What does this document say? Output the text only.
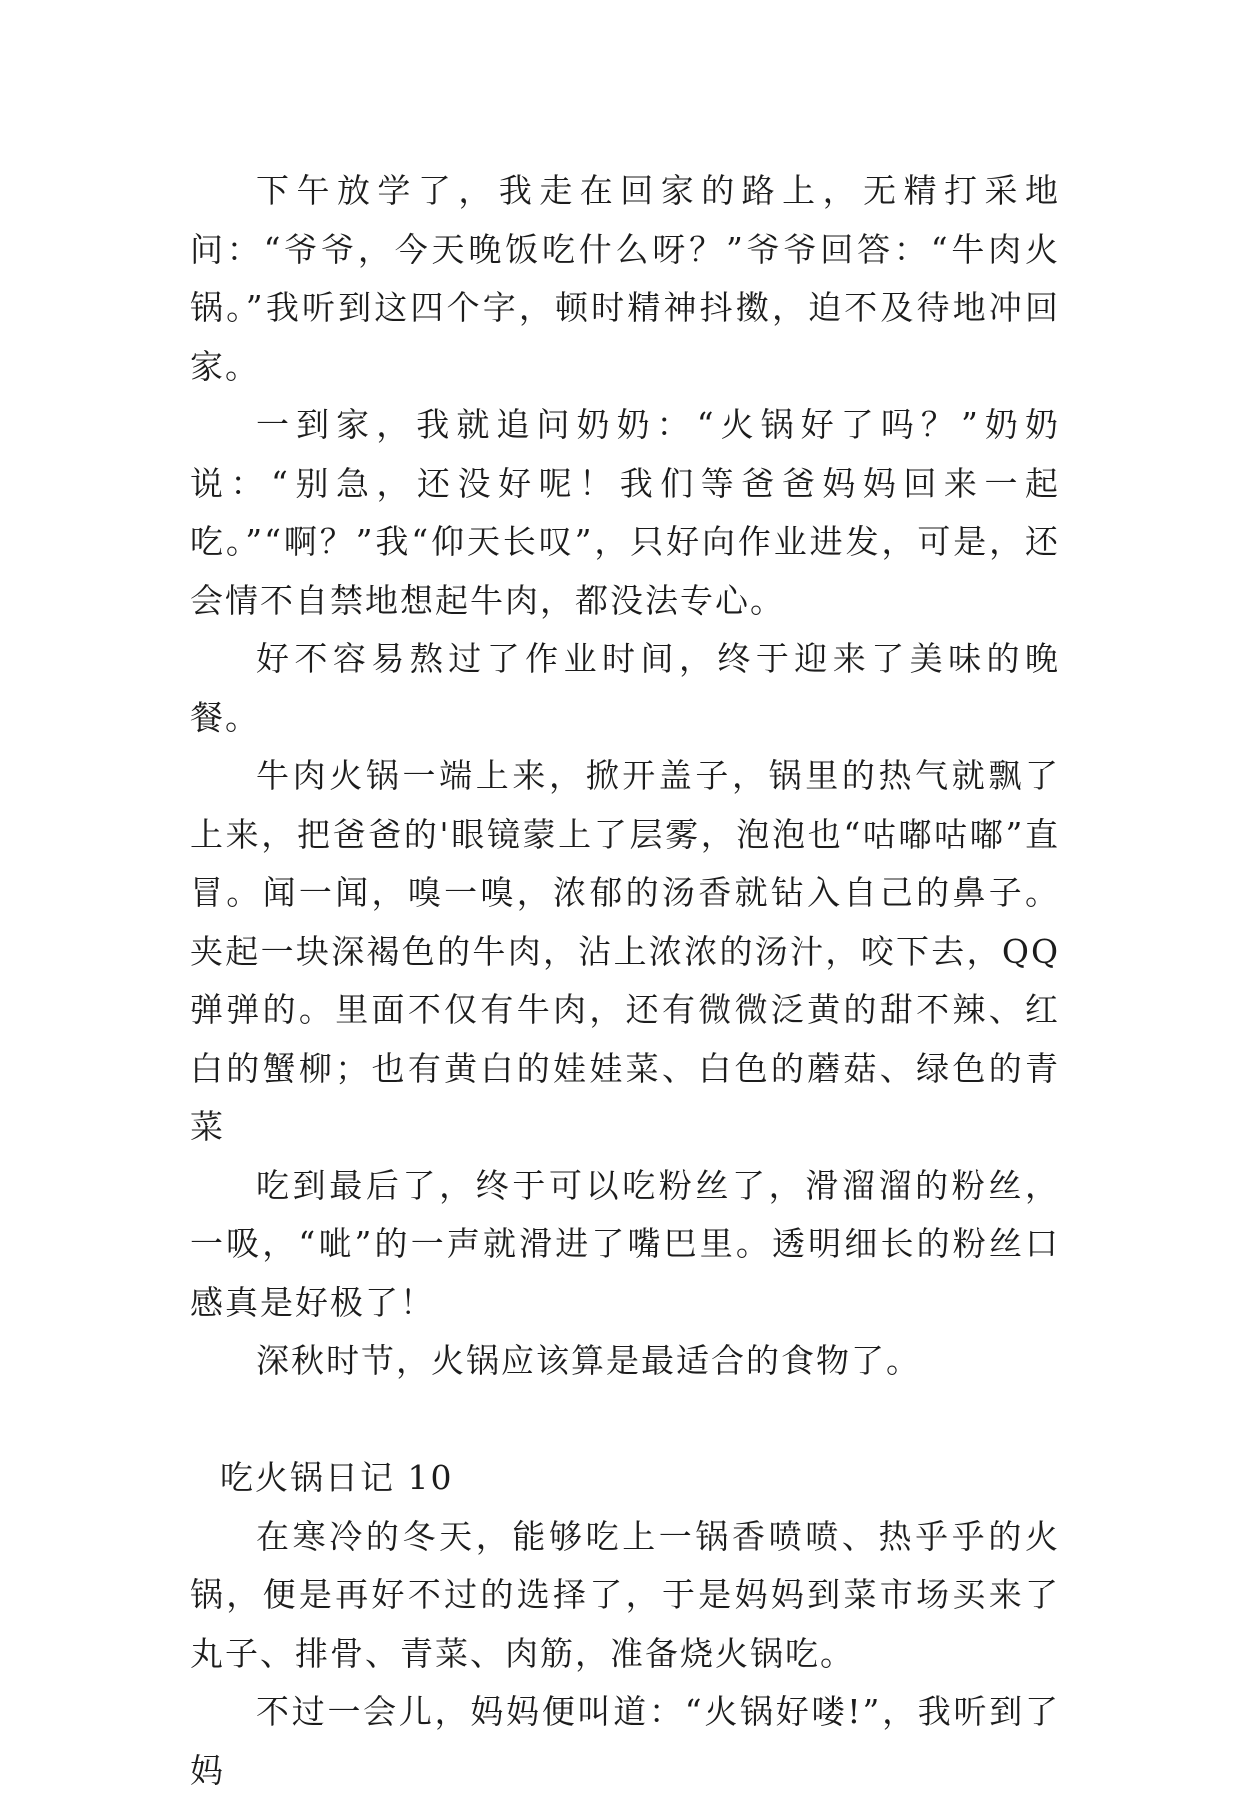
下午放学了，我走在回家的路上，无精打采地问：“爷爷，今天晚饭吃什么呀？”爷爷回答：“牛肉火锅。”我听到这四个字，顿时精神抖擞，迫不及待地冲回家。

一到家，我就追问奶奶：“火锅好了吗？”奶奶说：“别急，还没好呢！我们等爸爸妈妈回来一起吃。”“啊？”我“仰天长叹”，只好向作业进发，可是，还会情不自禁地想起牛肉，都没法专心。

好不容易熬过了作业时间，终于迎来了美味的晚餐。

牛肉火锅一端上来，掀开盖子，锅里的热气就飘了上来，把爸爸的'眼镜蒙上了层雾，泡泡也“咕嘟咕嘟”直冒。闻一闻，嗅一嗅，浓郁的汤香就钻入自己的鼻子。夹起一块深褐色的牛肉，沾上浓浓的汤汁，咬下去，QQ弹弹的。里面不仅有牛肉，还有微微泛黄的甜不辣、红白的蟹柳；也有黄白的娃娃菜、白色的蘑菇、绿色的青菜

吃到最后了，终于可以吃粉丝了，滑溜溜的粉丝，一吸，“呲”的一声就滑进了嘴巴里。透明细长的粉丝口感真是好极了！

深秋时节，火锅应该算是最适合的食物了。

吃火锅日记 10

在寒冷的冬天，能够吃上一锅香喷喷、热乎乎的火锅，便是再好不过的选择了，于是妈妈到菜市场买来了丸子、排骨、青菜、肉筋，准备烧火锅吃。

不过一会儿，妈妈便叫道：“火锅好喽!”，我听到了妈
